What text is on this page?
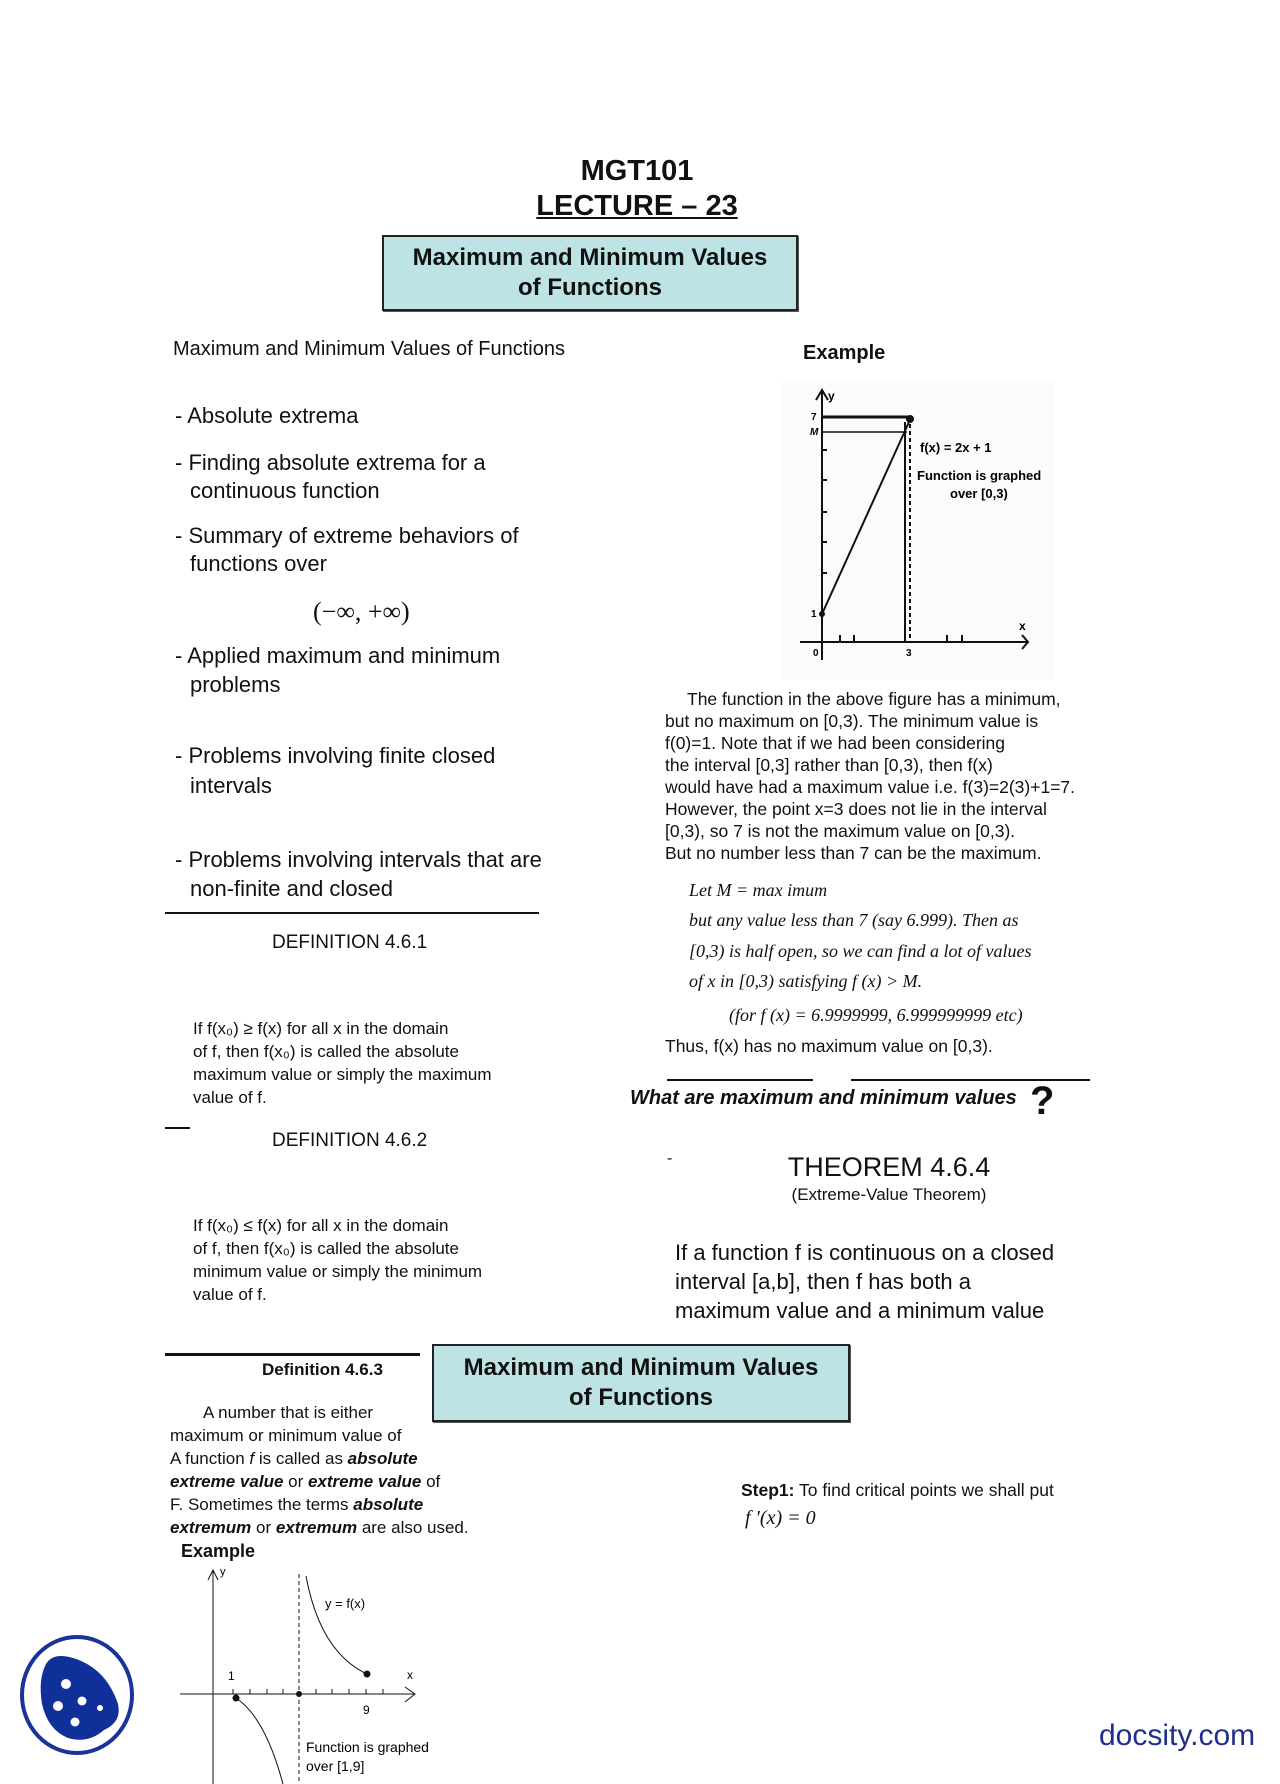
MGT101
LECTURE – 23
Maximum and Minimum Values
of Functions
Maximum and Minimum Values of Functions
- Absolute extrema
- Finding absolute extrema for a
continuous function
- Summary of extreme behaviors of
functions over
(−∞, +∞)
- Applied maximum and minimum
problems
- Problems involving finite closed
intervals
- Problems involving intervals that are
non-finite and closed
DEFINITION 4.6.1
If f(x₀) ≥ f(x) for all x in the domain
of f, then f(x₀) is called the absolute
maximum value or simply the maximum
value of f.
DEFINITION 4.6.2
If f(x₀) ≤ f(x) for all x in the domain
of f, then f(x₀) is called the absolute
minimum value or simply the minimum
value of f.
Definition 4.6.3	Maximum and Minimum Values
of Functions
A number that is either
maximum or minimum value of
A function f is called as absolute
extreme value or extreme value of
F. Sometimes the terms absolute
extremum or extremum are also used.
Example
y
x
1
9
y = f(x)
Function is graphed
over [1,9]
Example
y
7
M
1
0	3
x
f(x) = 2x + 1
Function is graphed
over [0,3)
The function in the above figure has a minimum,
but no maximum on [0,3). The minimum value is
f(0)=1. Note that if we had been considering
the interval [0,3] rather than [0,3), then f(x)
would have had a maximum value i.e. f(3)=2(3)+1=7.
However, the point x=3 does not lie in the interval
[0,3), so 7 is not the maximum value on [0,3).
But no number less than 7 can be the maximum.
Let M = max imum
but any value less than 7 (say 6.999). Then as
[0,3) is half open, so we can find a lot of values
of x in [0,3) satisfying f (x) > M.
(for f (x) = 6.9999999, 6.999999999 etc)
Thus, f(x) has no maximum value on [0,3).
What are maximum and minimum values ?
-	THEOREM 4.6.4
(Extreme-Value Theorem)
If a function f is continuous on a closed
interval [a,b], then f has both a
maximum value and a minimum value
Step1: To find critical points we shall put
f ′(x) = 0
docsity.com
